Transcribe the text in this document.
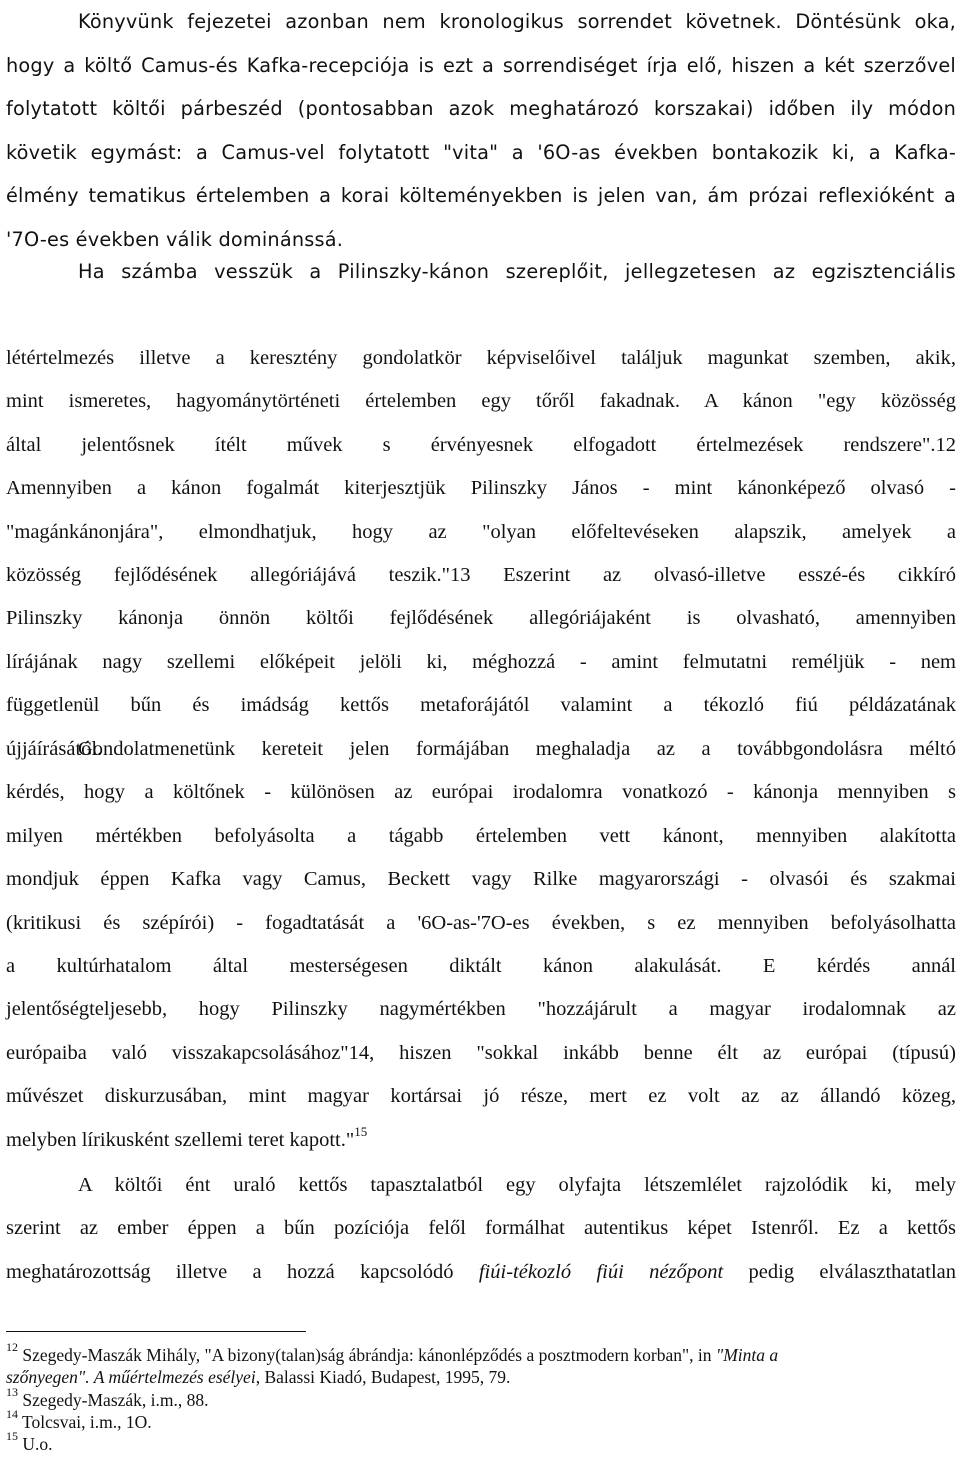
Könyvünk fejezetei azonban nem kronologikus sorrendet követnek. Döntésünk oka,
hogy a költő Camus-és Kafka-recepciója is ezt a sorrendiséget írja elő, hiszen a két szerzővel
folytatott költői párbeszéd (pontosabban azok meghatározó korszakai) időben ily módon
követik egymást: a Camus-vel folytatott "vita" a '6O-as években bontakozik ki, a Kafka-
élmény tematikus értelemben a korai költeményekben is jelen van, ám prózai reflexióként a
'7O-es években válik dominánssá.

Ha számba vesszük a Pilinszky-kánon szereplőit, jellegzetesen az egzisztenciális

létértelmezés illetve a keresztény gondolatkör képviselőivel találjuk magunkat szemben, akik,
mint ismeretes, hagyománytörténeti értelemben egy tőről fakadnak. A kánon "egy közösség
által jelentősnek ítélt művek s érvényesnek elfogadott értelmezések rendszere".12
Amennyiben a kánon fogalmát kiterjesztjük Pilinszky János - mint kánonképező olvasó -
"magánkánonjára", elmondhatjuk, hogy az "olyan előfeltevéseken alapszik, amelyek a
közösség fejlődésének allegóriájává teszik."13 Eszerint az olvasó-illetve esszé-és cikkíró
Pilinszky kánonja önnön költői fejlődésének allegóriájaként is olvasható, amennyiben
lírájának nagy szellemi előképeit jelöli ki, méghozzá - amint felmutatni reméljük - nem
függetlenül bűn és imádság kettős metaforájától valamint a tékozló fiú példázatának
újjáírásától.

Gondolatmenetünk kereteit jelen formájában meghaladja az a továbbgondolásra méltó
kérdés, hogy a költőnek - különösen az európai irodalomra vonatkozó - kánonja mennyiben s
milyen mértékben befolyásolta a tágabb értelemben vett kánont, mennyiben alakította
mondjuk éppen Kafka vagy Camus, Beckett vagy Rilke magyarországi - olvasói és szakmai
(kritikusi és szépírói) - fogadtatását a '6O-as-'7O-es években, s ez mennyiben befolyásolhatta
a kultúrhatalom által mesterségesen diktált kánon alakulását. E kérdés annál
jelentőségteljesebb, hogy Pilinszky nagymértékben "hozzájárult a magyar irodalomnak az
európaiba való visszakapcsolásához"14, hiszen "sokkal inkább benne élt az európai (típusú)
művészet diskurzusában, mint magyar kortársai jó része, mert ez volt az az állandó közeg,
melyben lírikusként szellemi teret kapott."$^{15}$

A költői ént uraló kettős tapasztalatból egy olyfajta létszemlélet rajzolódik ki, mely
szerint az ember éppen a bűn pozíciója felől formálhat autentikus képet Istenről. Ez a kettős
meghatározottság illetve a hozzá kapcsolódó fiúi-tékozló fiúi nézőpont pedig elválaszthatatlan

$^{12}$ Szegedy-Maszák Mihály, "A bizony(talan)ság ábrándja: kánonlépződés a posztmodern korban", in "Minta a
szőnyegen". A műértelmezés esélyei, Balassi Kiadó, Budapest, 1995, 79.
$^{13}$ Szegedy-Maszák, i.m., 88.
$^{14}$ Tolcsvai, i.m., 1O.
$^{15}$ U.o.
